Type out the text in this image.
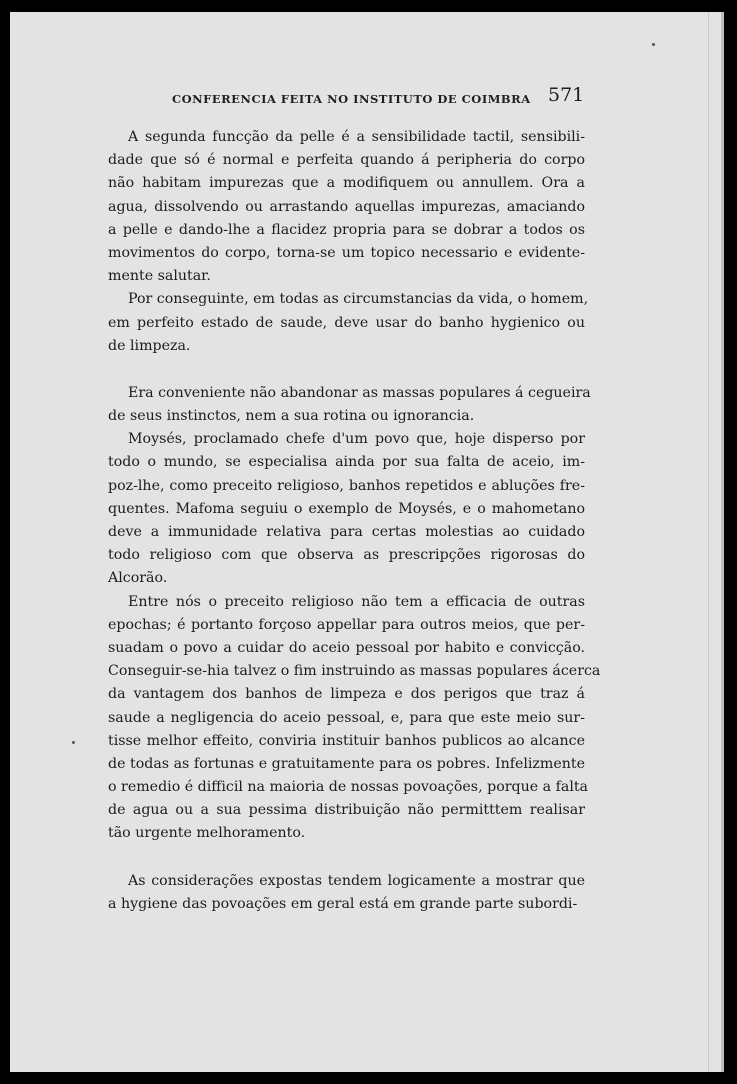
CONFERENCIA FEITA NO INSTITUTO DE COIMBRA 571
A segunda funcção da pelle é a sensibilidade tactil, sensibili-
dade que só é normal e perfeita quando á peripheria do corpo
não habitam impurezas que a modifiquem ou annullem. Ora a
agua, dissolvendo ou arrastando aquellas impurezas, amaciando
a pelle e dando-lhe a flacidez propria para se dobrar a todos os
movimentos do corpo, torna-se um topico necessario e evidente-
mente salutar.
Por conseguinte, em todas as circumstancias da vida, o homem,
em perfeito estado de saude, deve usar do banho hygienico ou
de limpeza.
Era conveniente não abandonar as massas populares á cegueira
de seus instinctos, nem a sua rotina ou ignorancia.
Moysés, proclamado chefe d'um povo que, hoje disperso por
todo o mundo, se especialisa ainda por sua falta de aceio, im-
poz-lhe, como preceito religioso, banhos repetidos e abluções fre-
quentes. Mafoma seguiu o exemplo de Moysés, e o mahometano
deve a immunidade relativa para certas molestias ao cuidado
todo religioso com que observa as prescripções rigorosas do
Alcorão.
Entre nós o preceito religioso não tem a efficacia de outras
epochas; é portanto forçoso appellar para outros meios, que per-
suadam o povo a cuidar do aceio pessoal por habito e convicção.
Conseguir-se-hia talvez o fim instruindo as massas populares ácerca
da vantagem dos banhos de limpeza e dos perigos que traz á
saude a negligencia do aceio pessoal, e, para que este meio sur-
tisse melhor effeito, conviria instituir banhos publicos ao alcance
de todas as fortunas e gratuitamente para os pobres. Infelizmente
o remedio é difficil na maioria de nossas povoações, porque a falta
de agua ou a sua pessima distribuição não permitttem realisar
tão urgente melhoramento.
As considerações expostas tendem logicamente a mostrar que
a hygiene das povoações em geral está em grande parte subordi-
